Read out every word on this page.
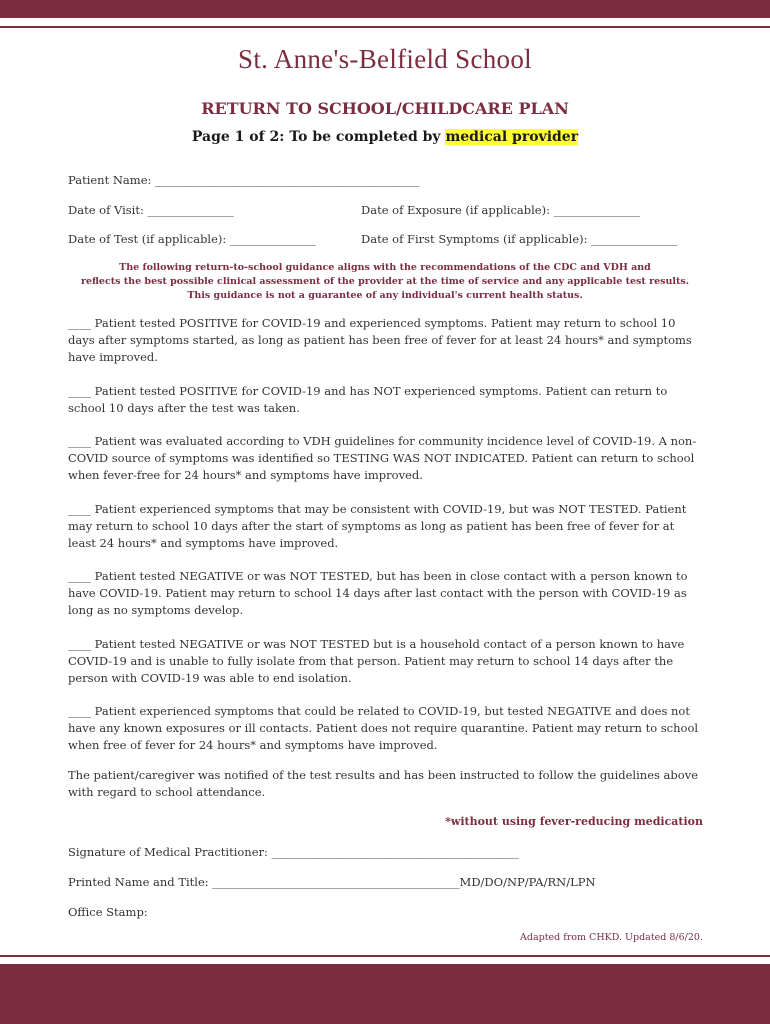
St. Anne's-Belfield School
RETURN TO SCHOOL/CHILDCARE PLAN
Page 1 of 2: To be completed by medical provider
Patient Name: ______________________________________________
Date of Visit: _______________	Date of Exposure (if applicable): _______________
Date of Test (if applicable): _______________	Date of First Symptoms (if applicable): _______________
The following return-to-school guidance aligns with the recommendations of the CDC and VDH and
reflects the best possible clinical assessment of the provider at the time of service and any applicable test results.
This guidance is not a guarantee of any individual's current health status.
____ Patient tested POSITIVE for COVID-19 and experienced symptoms. Patient may return to school 10 days after symptoms started, as long as patient has been free of fever for at least 24 hours* and symptoms have improved.
____ Patient tested POSITIVE for COVID-19 and has NOT experienced symptoms. Patient can return to school 10 days after the test was taken.
____ Patient was evaluated according to VDH guidelines for community incidence level of COVID-19. A non-COVID source of symptoms was identified so TESTING WAS NOT INDICATED. Patient can return to school when fever-free for 24 hours* and symptoms have improved.
____ Patient experienced symptoms that may be consistent with COVID-19, but was NOT TESTED. Patient may return to school 10 days after the start of symptoms as long as patient has been free of fever for at least 24 hours* and symptoms have improved.
____ Patient tested NEGATIVE or was NOT TESTED, but has been in close contact with a person known to have COVID-19. Patient may return to school 14 days after last contact with the person with COVID-19 as long as no symptoms develop.
____ Patient tested NEGATIVE or was NOT TESTED but is a household contact of a person known to have COVID-19 and is unable to fully isolate from that person. Patient may return to school 14 days after the person with COVID-19 was able to end isolation.
____ Patient experienced symptoms that could be related to COVID-19, but tested NEGATIVE and does not have any known exposures or ill contacts. Patient does not require quarantine. Patient may return to school when free of fever for 24 hours* and symptoms have improved.
The patient/caregiver was notified of the test results and has been instructed to follow the guidelines above with regard to school attendance.
*without using fever-reducing medication
Signature of Medical Practitioner: ___________________________________________
Printed Name and Title: ___________________________________________MD/DO/NP/PA/RN/LPN
Office Stamp:
Adapted from CHKD. Updated 8/6/20.
